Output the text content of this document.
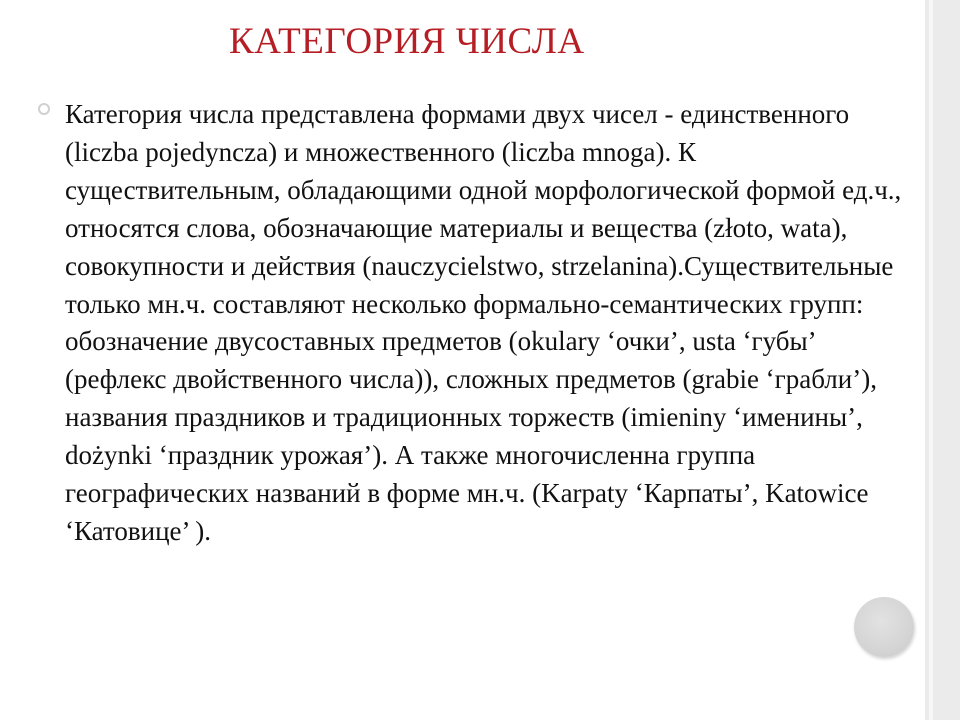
КАТЕГОРИЯ ЧИСЛА

Категория числа представлена формами двух чисел - единственного (liczba pojedyncza) и множественного (liczba mnoga). К существительным, обладающими одной морфологической формой ед.ч., относятся слова, обозначающие материалы и вещества (złoto, wata), совокупности и действия (nauczycielstwo, strzelanina).Существительные только мн.ч. составляют несколько формально-семантических групп: обозначение двусоставных предметов (okulary ‘очки’, usta ‘губы’ (рефлекс двойственного числа)), сложных предметов (grabie ‘грабли’), названия праздников и традиционных торжеств (imieniny ‘именины’, dożynki ‘праздник урожая’). А также многочисленна группа географических названий в форме мн.ч. (Karpaty ‘Карпаты’, Katowice ‘Катовице’ ).
